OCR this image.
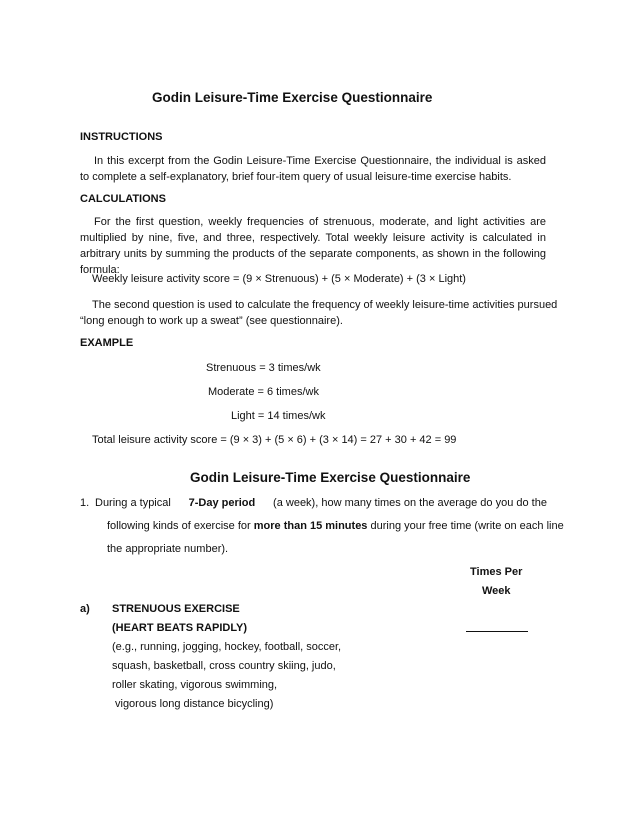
Godin Leisure-Time Exercise Questionnaire
INSTRUCTIONS
In this excerpt from the Godin Leisure-Time Exercise Questionnaire, the individual is asked to complete a self-explanatory, brief four-item query of usual leisure-time exercise habits.
CALCULATIONS
For the first question, weekly frequencies of strenuous, moderate, and light activities are multiplied by nine, five, and three, respectively. Total weekly leisure activity is calculated in arbitrary units by summing the products of the separate components, as shown in the following formula:
Weekly leisure activity score = (9 × Strenuous) + (5 × Moderate) + (3 × Light)
The second question is used to calculate the frequency of weekly leisure-time activities pursued
“long enough to work up a sweat” (see questionnaire).
EXAMPLE
Strenuous = 3 times/wk
Moderate = 6 times/wk
Light = 14 times/wk
Total leisure activity score = (9 × 3) + (5 × 6) + (3 × 14) = 27 + 30 + 42 = 99
Godin Leisure-Time Exercise Questionnaire
1. During a typical 7-Day period (a week), how many times on the average do you do the
following kinds of exercise for more than 15 minutes during your free time (write on each line
the appropriate number).
Times Per
Week
a) STRENUOUS EXERCISE
(HEART BEATS RAPIDLY)
(e.g., running, jogging, hockey, football, soccer,
squash, basketball, cross country skiing, judo,
roller skating, vigorous swimming,
vigorous long distance bicycling)
